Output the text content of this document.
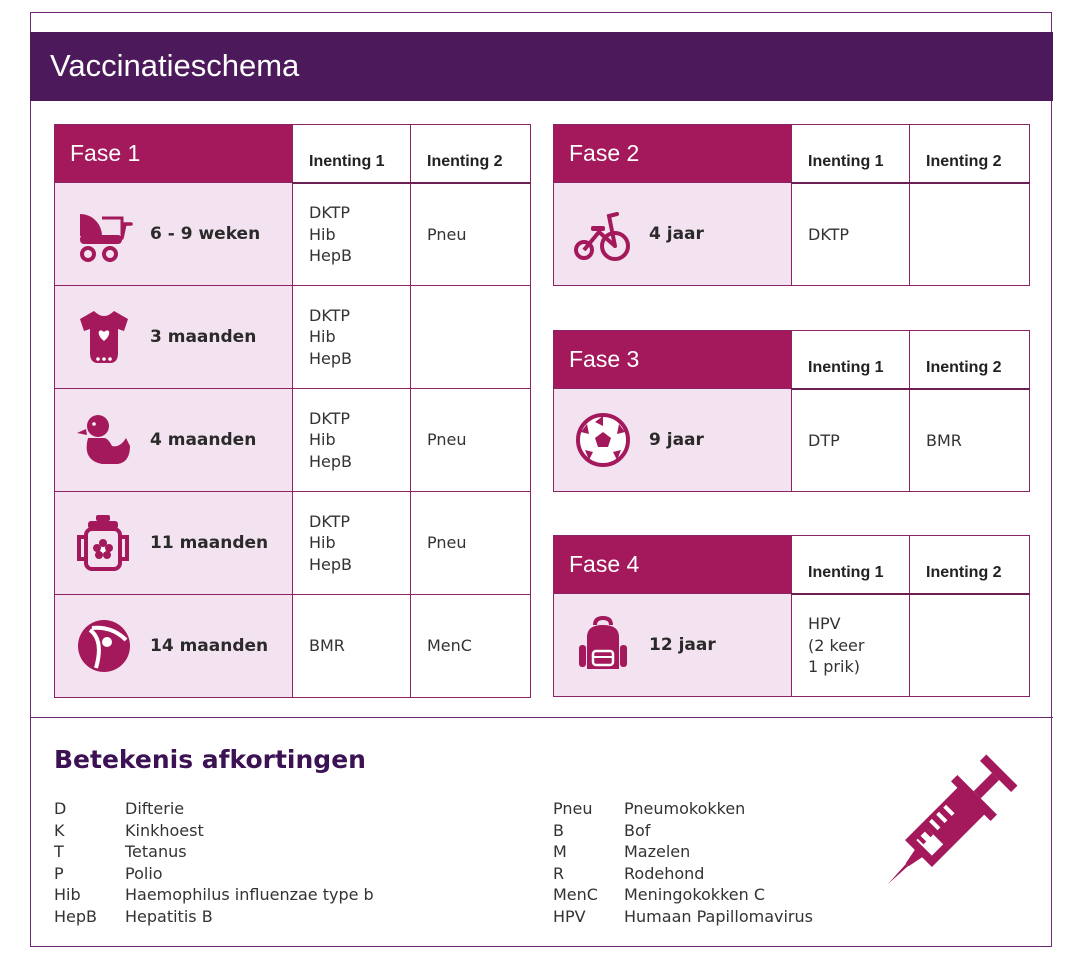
Vaccinatieschema
Fase 1	Inenting 1	Inenting 2

6 - 9 weken	DKTP
Hib
HepB	Pneu

3 maanden	DKTP
Hib
HepB	

4 maanden	DKTP
Hib
HepB	Pneu

11 maanden	DKTP
Hib
HepB	Pneu

14 maanden	BMR	MenC
Fase 2	Inenting 1	Inenting 2

4 jaar	DKTP	

Fase 3	Inenting 1	Inenting 2

9 jaar	DTP	BMR
Fase 4	Inenting 1	Inenting 2

12 jaar	HPV
(2 keer
1 prik)	

Betekenis afkortingen
D	Difterie
K	Kinkhoest
T	Tetanus
P	Polio
Hib	Haemophilus influenzae type b
HepB	Hepatitis B
Pneu	Pneumokokken
B	Bof
M	Mazelen
R	Rodehond
MenC	Meningokokken C
HPV	Humaan Papillomavirus
